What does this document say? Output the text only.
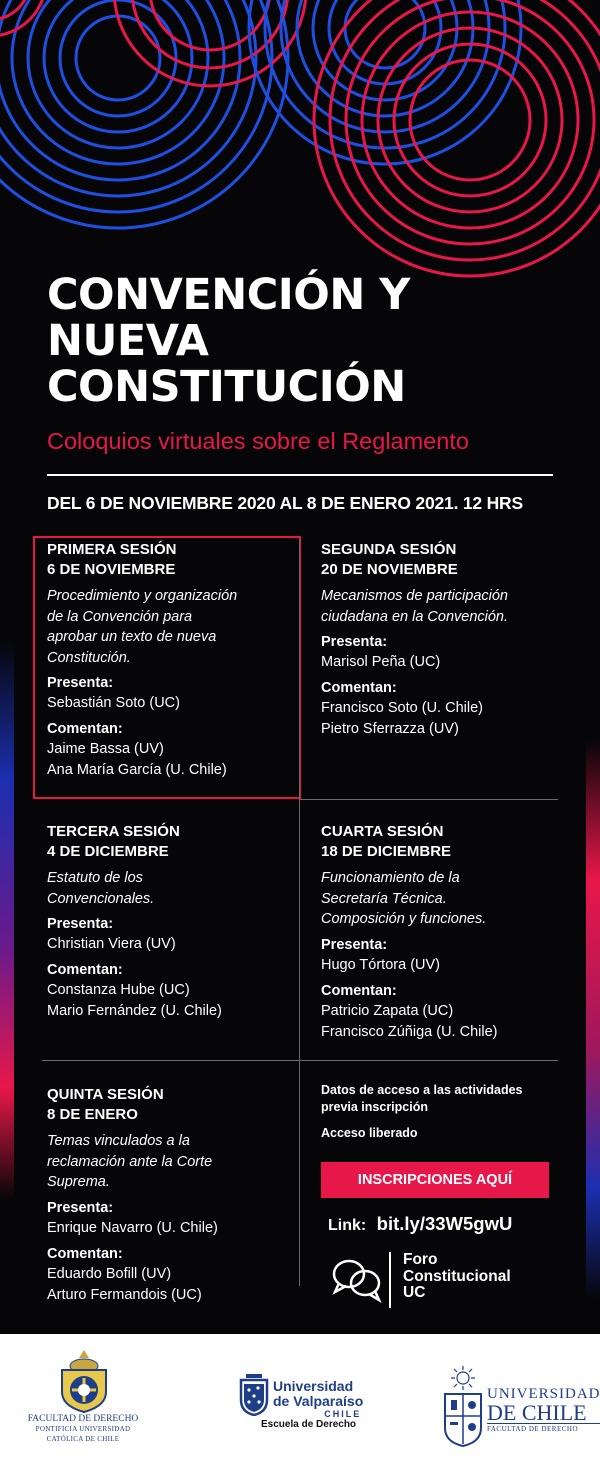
CONVENCIÓN Y
NUEVA
CONSTITUCIÓN
Coloquios virtuales sobre el Reglamento
DEL 6 DE NOVIEMBRE 2020 AL 8 DE ENERO 2021. 12 HRS
PRIMERA SESIÓN
6 DE NOVIEMBRE
Procedimiento y organización
de la Convención para
aprobar un texto de nueva
Constitución.
Presenta:
Sebastián Soto (UC)
Comentan:
Jaime Bassa (UV)
Ana María García (U. Chile)
SEGUNDA SESIÓN
20 DE NOVIEMBRE
Mecanismos de participación
ciudadana en la Convención.
Presenta:
Marisol Peña (UC)
Comentan:
Francisco Soto (U. Chile)
Pietro Sferrazza (UV)
TERCERA SESIÓN
4 DE DICIEMBRE
Estatuto de los
Convencionales.
Presenta:
Christian Viera (UV)
Comentan:
Constanza Hube (UC)
Mario Fernández (U. Chile)
CUARTA SESIÓN
18 DE DICIEMBRE
Funcionamiento de la
Secretaría Técnica.
Composición y funciones.
Presenta:
Hugo Tórtora (UV)
Comentan:
Patricio Zapata (UC)
Francisco Zúñiga (U. Chile)
QUINTA SESIÓN
8 DE ENERO
Temas vinculados a la
reclamación ante la Corte
Suprema.
Presenta:
Enrique Navarro (U. Chile)
Comentan:
Eduardo Bofill (UV)
Arturo Fermandois (UC)
Datos de acceso a las actividades
previa inscripción
Acceso liberado
INSCRIPCIONES AQUÍ
Link: bit.ly/33W5gwU
Foro
Constitucional
UC
FACULTAD DE DERECHO
PONTIFICIA UNIVERSIDAD
CATÓLICA DE CHILE
Universidad
de Valparaíso
CHILE
Escuela de Derecho
UNIVERSIDAD
DE CHILE
FACULTAD DE DERECHO
